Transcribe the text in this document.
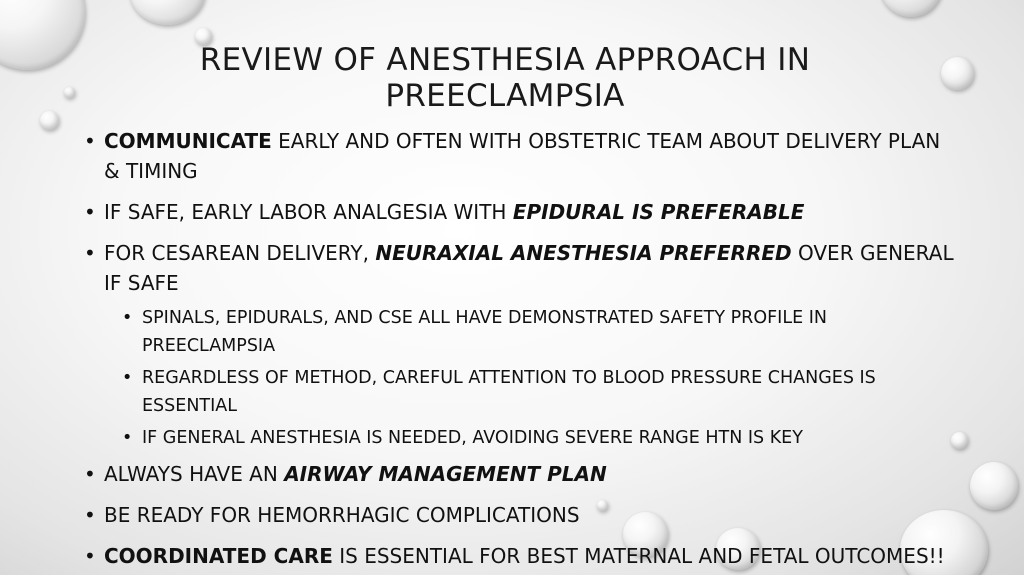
REVIEW OF ANESTHESIA APPROACH IN PREECLAMPSIA
• COMMUNICATE EARLY AND OFTEN WITH OBSTETRIC TEAM ABOUT DELIVERY PLAN & TIMING
• IF SAFE, EARLY LABOR ANALGESIA WITH EPIDURAL IS PREFERABLE
• FOR CESAREAN DELIVERY, NEURAXIAL ANESTHESIA PREFERRED OVER GENERAL IF SAFE
• SPINALS, EPIDURALS, AND CSE ALL HAVE DEMONSTRATED SAFETY PROFILE IN PREECLAMPSIA
• REGARDLESS OF METHOD, CAREFUL ATTENTION TO BLOOD PRESSURE CHANGES IS ESSENTIAL
• IF GENERAL ANESTHESIA IS NEEDED, AVOIDING SEVERE RANGE HTN IS KEY
• ALWAYS HAVE AN AIRWAY MANAGEMENT PLAN
• BE READY FOR HEMORRHAGIC COMPLICATIONS
• COORDINATED CARE IS ESSENTIAL FOR BEST MATERNAL AND FETAL OUTCOMES!!
